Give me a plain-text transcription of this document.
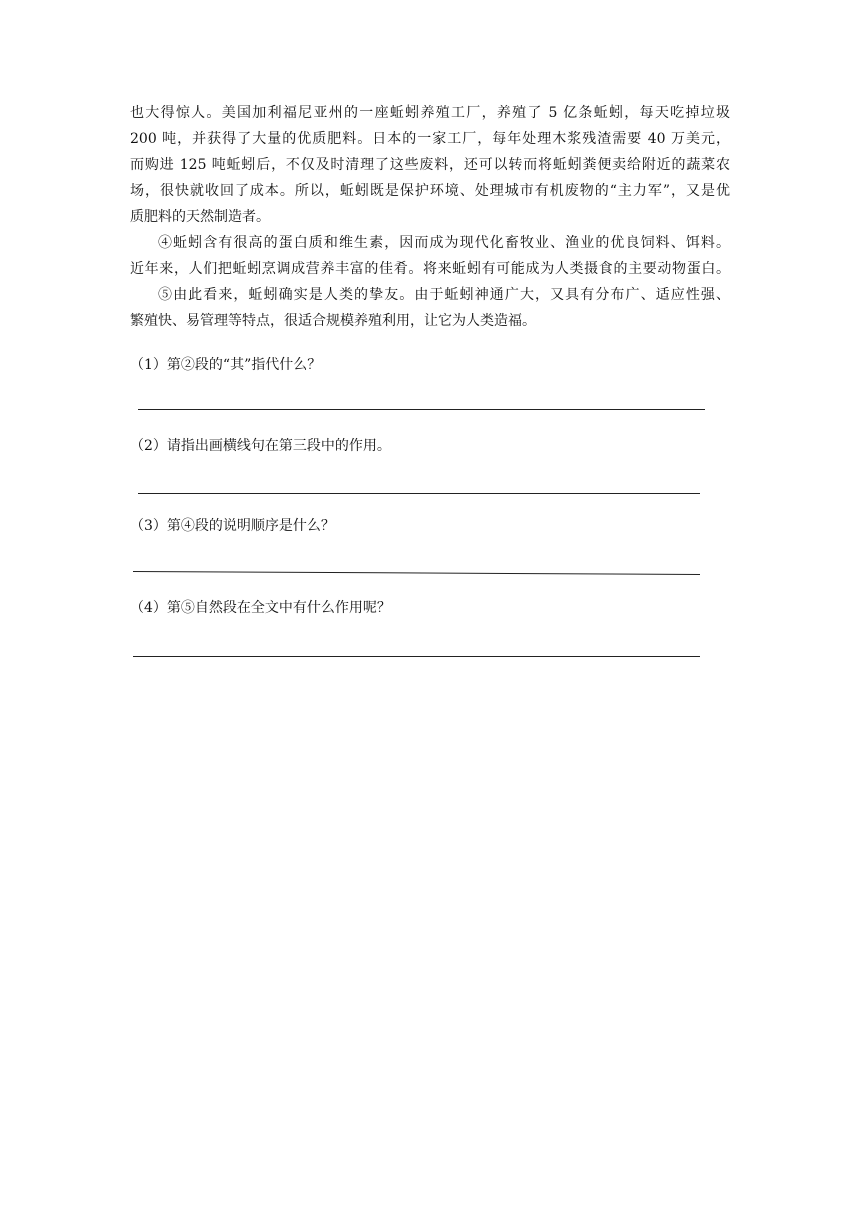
也大得惊人。美国加利福尼亚州的一座蚯蚓养殖工厂，养殖了 5 亿条蚯蚓，每天吃掉垃圾
200 吨，并获得了大量的优质肥料。日本的一家工厂，每年处理木浆残渣需要 40 万美元，
而购进 125 吨蚯蚓后，不仅及时清理了这些废料，还可以转而将蚯蚓粪便卖给附近的蔬菜农
场，很快就收回了成本。所以，蚯蚓既是保护环境、处理城市有机废物的“主力军”，又是优
质肥料的天然制造者。
④蚯蚓含有很高的蛋白质和维生素，因而成为现代化畜牧业、渔业的优良饲料、饵料。
近年来，人们把蚯蚓烹调成营养丰富的佳肴。将来蚯蚓有可能成为人类摄食的主要动物蛋白。
⑤由此看来，蚯蚓确实是人类的挚友。由于蚯蚓神通广大，又具有分布广、适应性强、
繁殖快、易管理等特点，很适合规模养殖利用，让它为人类造福。
（1）第②段的“其”指代什么？
（2）请指出画横线句在第三段中的作用。
（3）第④段的说明顺序是什么？
（4）第⑤自然段在全文中有什么作用呢？
